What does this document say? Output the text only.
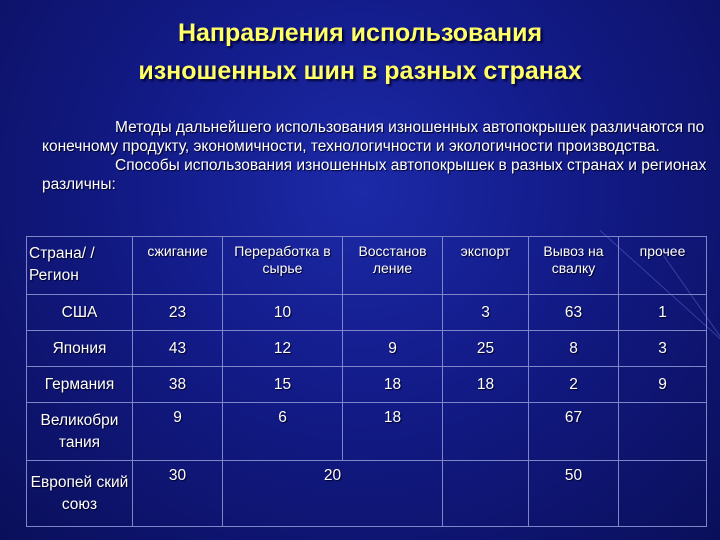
Направления использования
изношенных шин в разных странах

Методы дальнейшего использования изношенных автопокрышек различаются по конечному продукту, экономичности, технологичности и экологичности производства.

Способы использования изношенных автопокрышек в разных странах и регионах различны:

Страна/ /Регион	сжигание	Переработка в сырье	Восстанов ление	экспорт	Вывоз на свалку	прочее
США	23	10		3	63	1
Япония	43	12	9	25	8	3
Германия	38	15	18	18	2	9
Великобри тания	9	6	18		67	
Европей ский союз	30	20			50	
